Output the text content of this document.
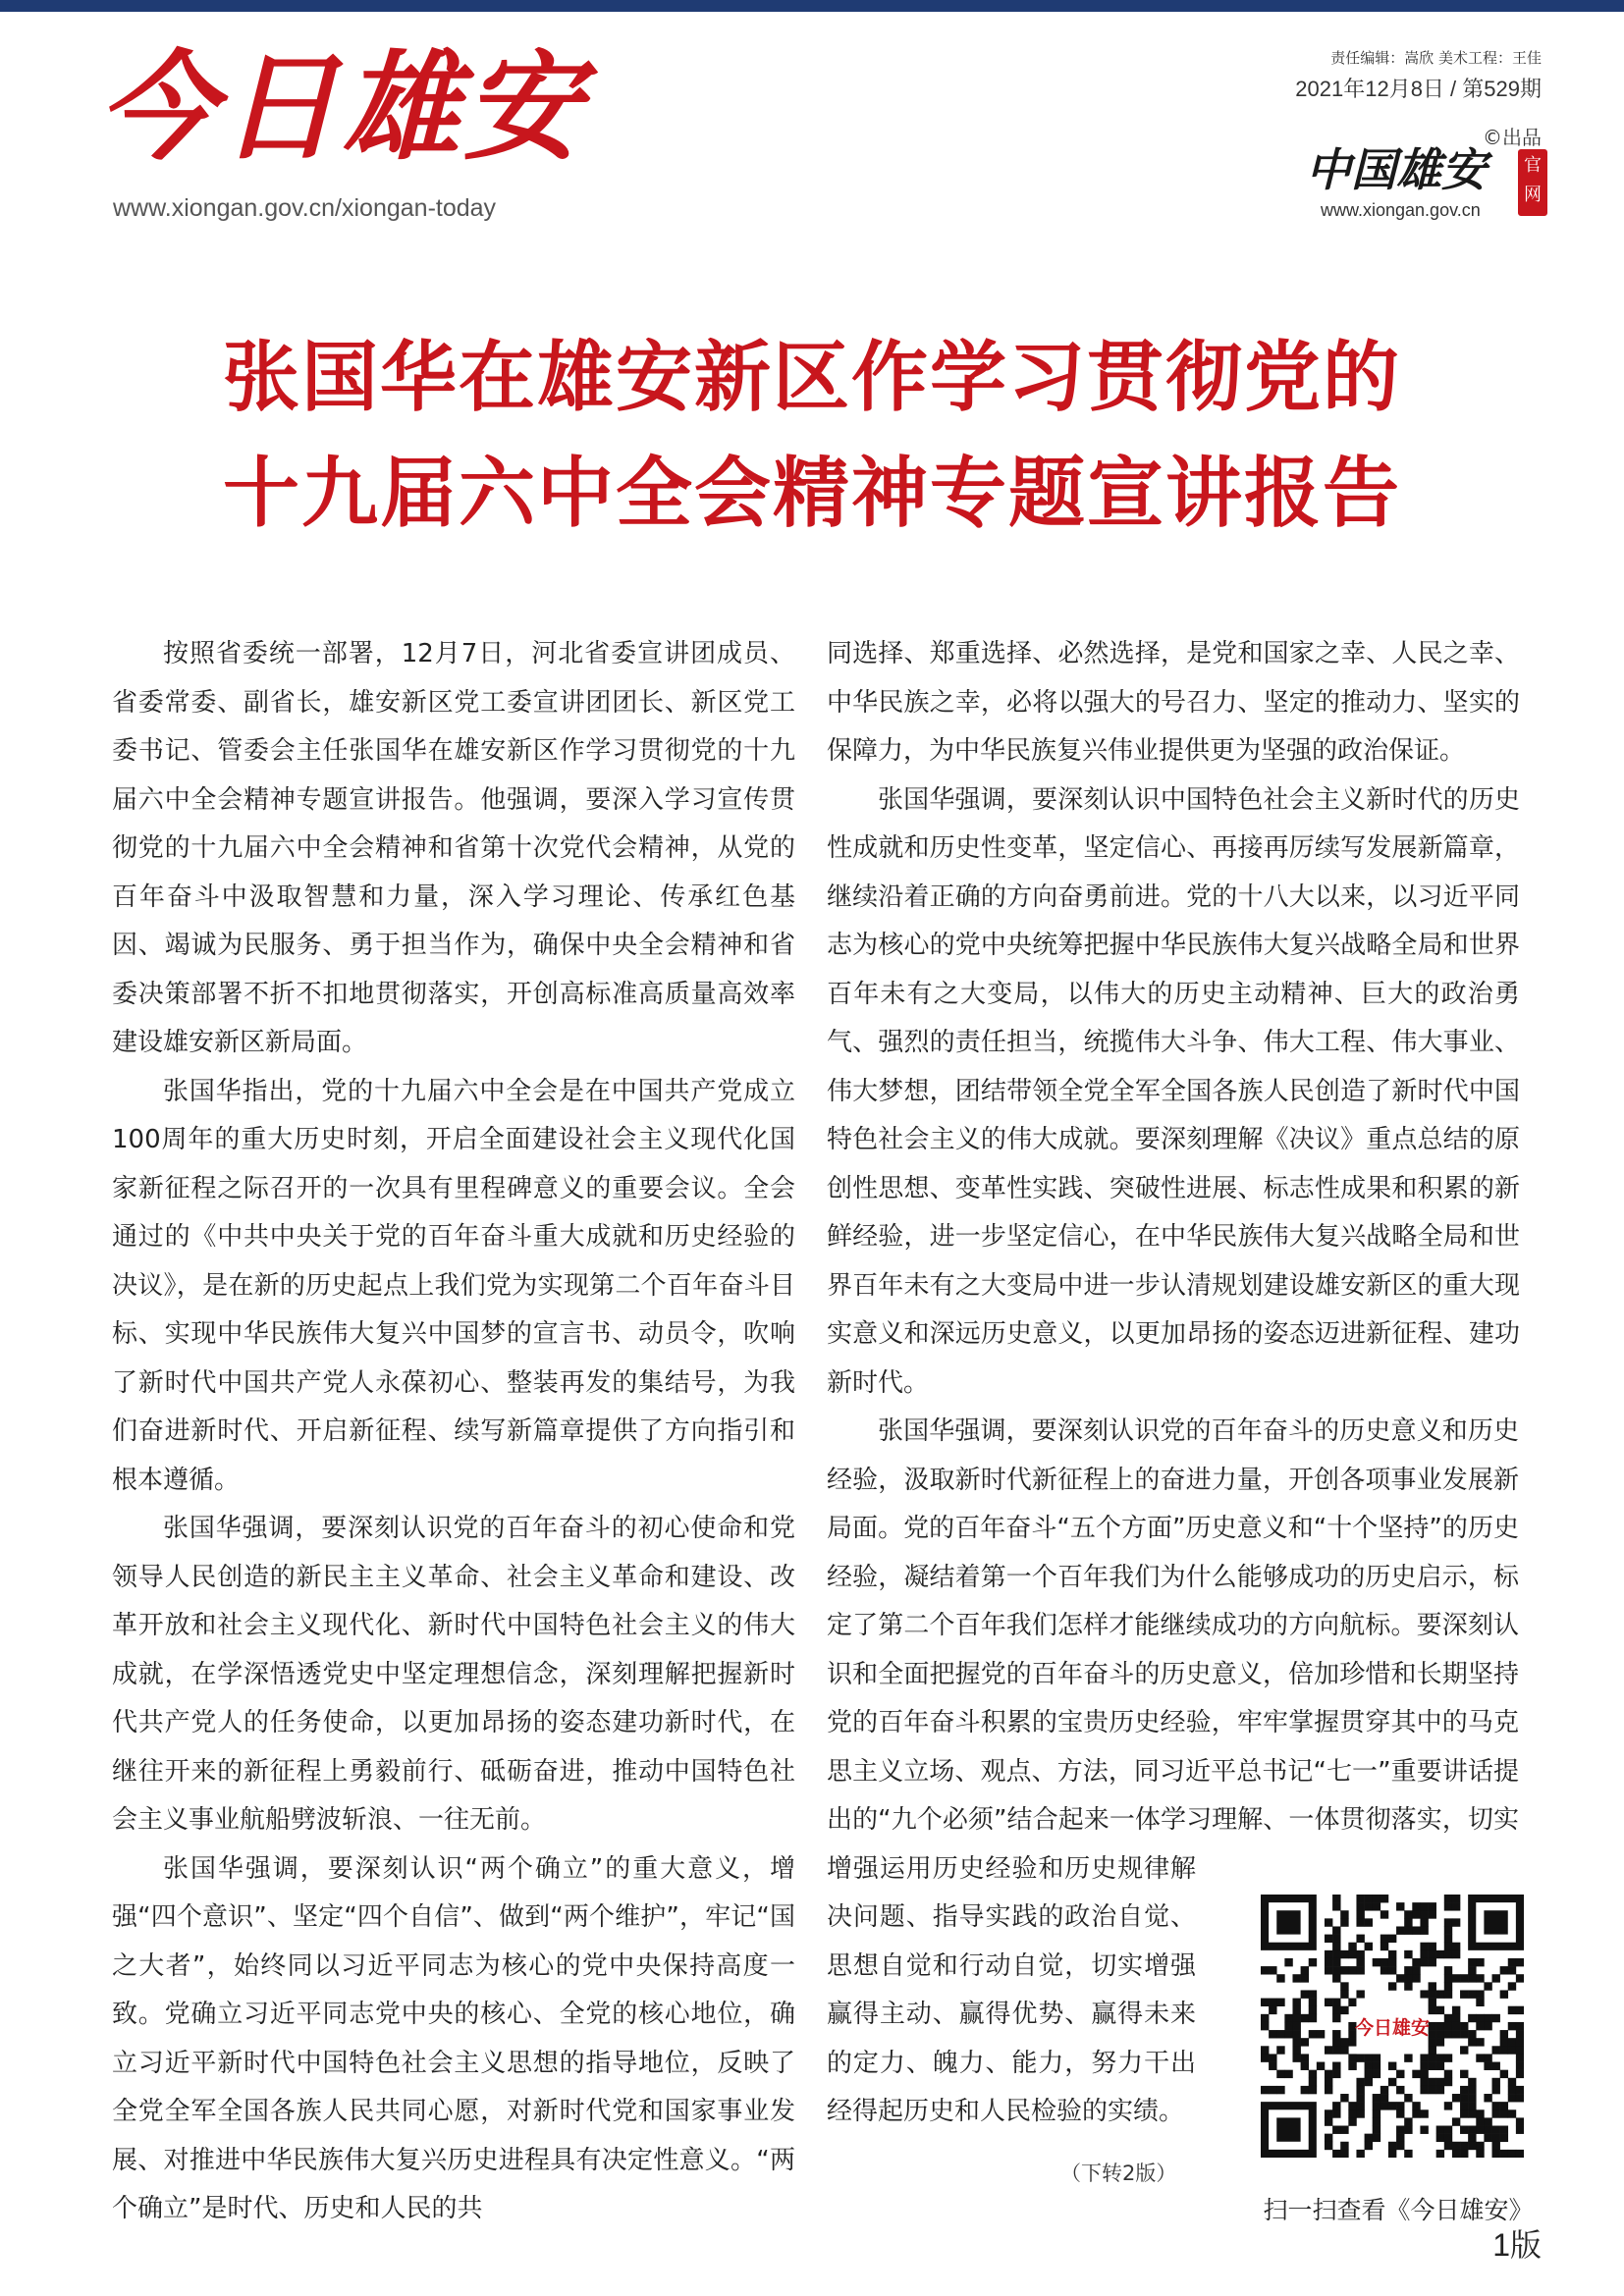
今日雄安
www.xiongan.gov.cn/xiongan-today
责任编辑：嵩欣 美术工程：王佳
2021年12月8日 / 第529期
©出品
中国雄安	官网
www.xiongan.gov.cn
张国华在雄安新区作学习贯彻党的
十九届六中全会精神专题宣讲报告

按照省委统一部署，12月7日，河北省委宣讲团成员、省委常委、副省长，雄安新区党工委宣讲团团长、新区党工委书记、管委会主任张国华在雄安新区作学习贯彻党的十九届六中全会精神专题宣讲报告。他强调，要深入学习宣传贯彻党的十九届六中全会精神和省第十次党代会精神，从党的百年奋斗中汲取智慧和力量，深入学习理论、传承红色基因、竭诚为民服务、勇于担当作为，确保中央全会精神和省委决策部署不折不扣地贯彻落实，开创高标准高质量高效率建设雄安新区新局面。

张国华指出，党的十九届六中全会是在中国共产党成立100周年的重大历史时刻，开启全面建设社会主义现代化国家新征程之际召开的一次具有里程碑意义的重要会议。全会通过的《中共中央关于党的百年奋斗重大成就和历史经验的决议》，是在新的历史起点上我们党为实现第二个百年奋斗目标、实现中华民族伟大复兴中国梦的宣言书、动员令，吹响了新时代中国共产党人永葆初心、整装再发的集结号，为我们奋进新时代、开启新征程、续写新篇章提供了方向指引和根本遵循。

张国华强调，要深刻认识党的百年奋斗的初心使命和党领导人民创造的新民主主义革命、社会主义革命和建设、改革开放和社会主义现代化、新时代中国特色社会主义的伟大成就，在学深悟透党史中坚定理想信念，深刻理解把握新时代共产党人的任务使命，以更加昂扬的姿态建功新时代，在继往开来的新征程上勇毅前行、砥砺奋进，推动中国特色社会主义事业航船劈波斩浪、一往无前。

张国华强调，要深刻认识“两个确立”的重大意义，增强“四个意识”、坚定“四个自信”、做到“两个维护”，牢记“国之大者”，始终同以习近平同志为核心的党中央保持高度一致。党确立习近平同志党中央的核心、全党的核心地位，确立习近平新时代中国特色社会主义思想的指导地位，反映了全党全军全国各族人民共同心愿，对新时代党和国家事业发展、对推进中华民族伟大复兴历史进程具有决定性意义。“两个确立”是时代、历史和人民的共

同选择、郑重选择、必然选择，是党和国家之幸、人民之幸、中华民族之幸，必将以强大的号召力、坚定的推动力、坚实的保障力，为中华民族复兴伟业提供更为坚强的政治保证。

张国华强调，要深刻认识中国特色社会主义新时代的历史性成就和历史性变革，坚定信心、再接再厉续写发展新篇章，继续沿着正确的方向奋勇前进。党的十八大以来，以习近平同志为核心的党中央统筹把握中华民族伟大复兴战略全局和世界百年未有之大变局，以伟大的历史主动精神、巨大的政治勇气、强烈的责任担当，统揽伟大斗争、伟大工程、伟大事业、伟大梦想，团结带领全党全军全国各族人民创造了新时代中国特色社会主义的伟大成就。要深刻理解《决议》重点总结的原创性思想、变革性实践、突破性进展、标志性成果和积累的新鲜经验，进一步坚定信心，在中华民族伟大复兴战略全局和世界百年未有之大变局中进一步认清规划建设雄安新区的重大现实意义和深远历史意义，以更加昂扬的姿态迈进新征程、建功新时代。

张国华强调，要深刻认识党的百年奋斗的历史意义和历史经验，汲取新时代新征程上的奋进力量，开创各项事业发展新局面。党的百年奋斗“五个方面”历史意义和“十个坚持”的历史经验，凝结着第一个百年我们为什么能够成功的历史启示，标定了第二个百年我们怎样才能继续成功的方向航标。要深刻认识和全面把握党的百年奋斗的历史意义，倍加珍惜和长期坚持党的百年奋斗积累的宝贵历史经验，牢牢掌握贯穿其中的马克思主义立场、观点、方法，同习近平总书记“七一”重要讲话提出的“九个必须”结合起来一体学习理解、一体贯彻落实，切实增强运用历史经验和历史规律解决问题、指导实践的政治自觉、思想自觉和行动自觉，切实增强赢得主动、赢得优势、赢得未来的定力、魄力、能力，努力干出经得起历史和人民检验的实绩。

（下转2版）
今日雄安
扫一扫查看《今日雄安》
1版
